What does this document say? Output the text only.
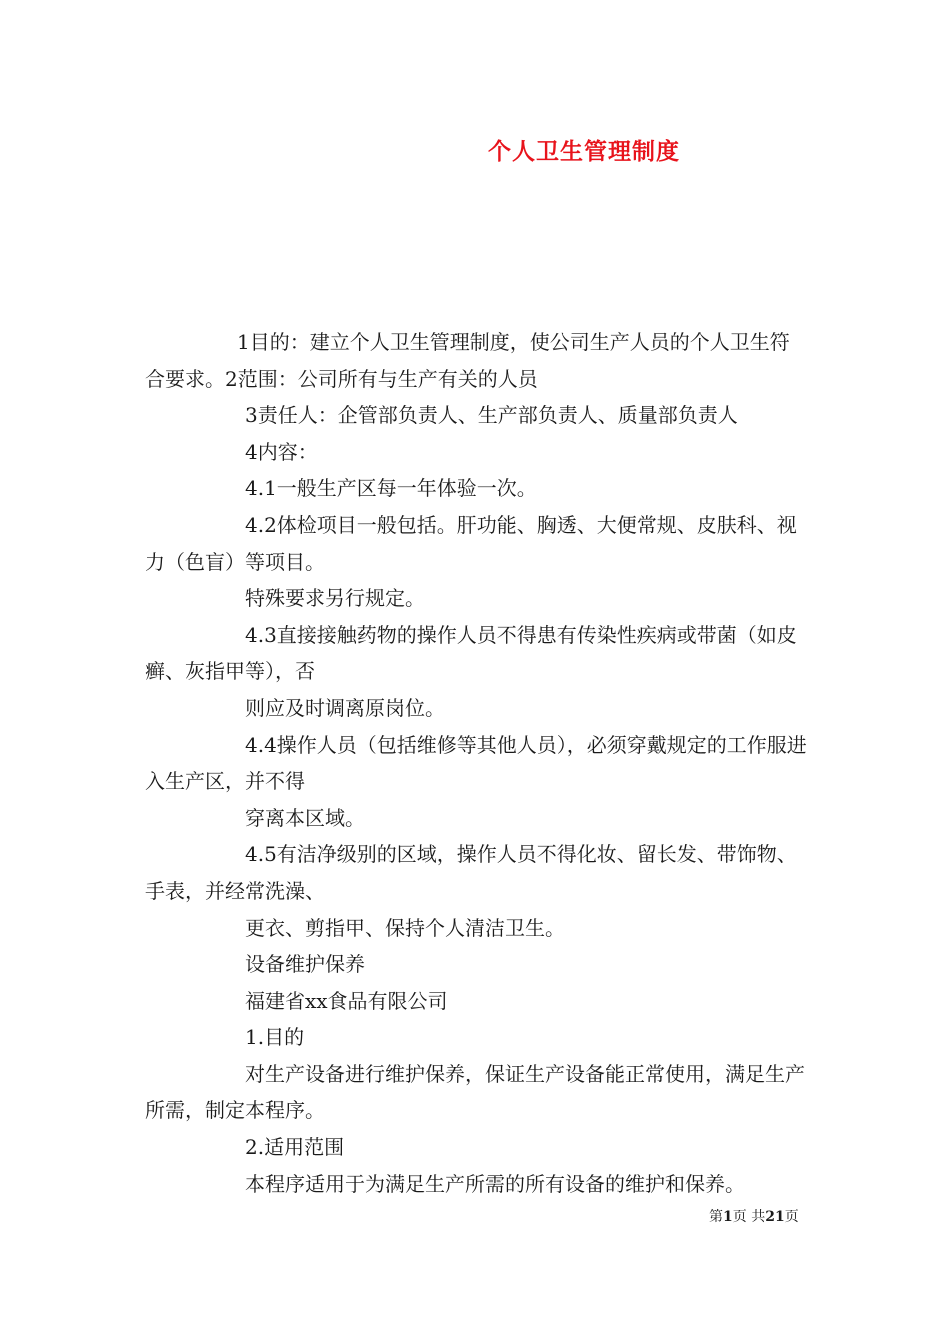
个人卫生管理制度

1目的：建立个人卫生管理制度，使公司生产人员的个人卫生符合要求。2范围：公司所有与生产有关的人员

3责任人：企管部负责人、生产部负责人、质量部负责人

4内容：

4.1一般生产区每一年体验一次。

4.2体检项目一般包括。肝功能、胸透、大便常规、皮肤科、视力（色盲）等项目。

特殊要求另行规定。

4.3直接接触药物的操作人员不得患有传染性疾病或带菌（如皮癣、灰指甲等），否

则应及时调离原岗位。

4.4操作人员（包括维修等其他人员），必须穿戴规定的工作服进入生产区，并不得

穿离本区域。

4.5有洁净级别的区域，操作人员不得化妆、留长发、带饰物、手表，并经常洗澡、

更衣、剪指甲、保持个人清洁卫生。

设备维护保养

福建省xx食品有限公司

1.目的

对生产设备进行维护保养，保证生产设备能正常使用，满足生产所需，制定本程序。

2.适用范围

本程序适用于为满足生产所需的所有设备的维护和保养。

第1页 共21页
